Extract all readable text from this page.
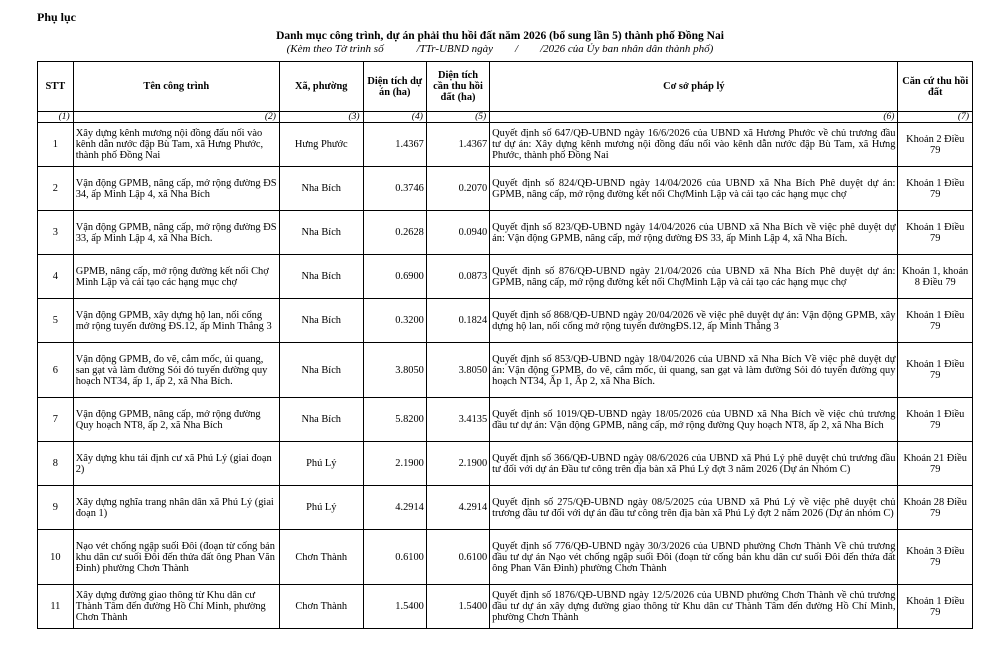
Phụ lục
Danh mục công trình, dự án phải thu hồi đất năm 2026 (bổ sung lần 5) thành phố Đồng Nai
(Kèm theo Tờ trình số            /TTr-UBND ngày        /        /2026 của Ủy ban nhân dân thành phố)
STT	Tên công trình	Xã, phường	Diện tích dự án (ha)	Diện tích cần thu hồi đất (ha)	Cơ sở pháp lý	Căn cứ thu hồi đất
(1)	(2)	(3)	(4)	(5)	(6)	(7)
1	Xây dựng kênh mương nội đồng đấu nối vào kênh dẫn nước đập Bù Tam, xã Hưng Phước, thành phố Đồng Nai	Hưng Phước	1.4367	1.4367	Quyết định số 647/QĐ-UBND ngày 16/6/2026 của UBND xã Hương Phước về chủ trương đầu tư dự án: Xây dựng kênh mương nội đồng đấu nối vào kênh dẫn nước đập Bù Tam, xã Hưng Phước, thành phố Đồng Nai	Khoản 2 Điều 79
2	Vận động GPMB, nâng cấp, mở rộng đường ĐS 34, ấp Minh Lập 4, xã Nha Bích	Nha Bích	0.3746	0.2070	Quyết định số 824/QĐ-UBND ngày 14/04/2026 của UBND xã Nha Bích Phê duyệt dự án: GPMB, nâng cấp, mở rộng đường kết nối ChợMinh Lập và cải tạo các hạng mục chợ	Khoản 1 Điều 79
3	Vận động GPMB, nâng cấp, mở rộng đường ĐS 33, ấp Minh Lập 4, xã Nha Bích.	Nha Bích	0.2628	0.0940	Quyết định số 823/QĐ-UBND ngày 14/04/2026 của UBND xã Nha Bích về việc phê duyệt dự án: Vận động GPMB, nâng cấp, mở rộng đường ĐS 33, ấp Minh Lập 4, xã Nha Bích.	Khoản 1 Điều 79
4	GPMB, nâng cấp, mở rộng đường kết nối Chợ Minh Lập và cải tạo các hạng mục chợ	Nha Bích	0.6900	0.0873	Quyết định số 876/QĐ-UBND ngày 21/04/2026 của UBND xã Nha Bích Phê duyệt dự án: GPMB, nâng cấp, mở rộng đường kết nối ChợMinh Lập và cải tạo các hạng mục chợ	Khoản 1, khoản 8 Điều 79
5	Vận động GPMB, xây dựng hộ lan, nối cống mở rộng tuyến đường ĐS.12, ấp Minh Thắng 3	Nha Bích	0.3200	0.1824	Quyết định số 868/QĐ-UBND ngày 20/04/2026 về việc phê duyệt dự án: Vận động GPMB, xây dựng hộ lan, nối cống mở rộng tuyến đườngĐS.12, ấp Minh Thắng 3	Khoản 1 Điều 79
6	Vận động GPMB, đo vẽ, cắm mốc, ủi quang, san gạt và làm đường Sỏi đỏ tuyến đường quy hoạch NT34, ấp 1, ấp 2, xã Nha Bích.	Nha Bích	3.8050	3.8050	Quyết định số 853/QĐ-UBND ngày 18/04/2026 của UBND xã Nha Bích Về việc phê duyệt dự án: Vận động GPMB, đo vẽ, cắm mốc, ủi quang, san gạt và làm đường Sỏi đỏ tuyến đường quy hoạch NT34, Ấp 1, Ấp 2, xã Nha Bích.	Khoản 1 Điều 79
7	Vận động GPMB, nâng cấp, mở rộng đường Quy hoạch NT8, ấp 2, xã Nha Bích	Nha Bích	5.8200	3.4135	Quyết định số 1019/QĐ-UBND ngày 18/05/2026 của UBND xã Nha Bích về việc chủ trương đầu tư dự án: Vận động GPMB, nâng cấp, mở rộng đường Quy hoạch NT8, ấp 2, xã Nha Bích	Khoản 1 Điều 79
8	Xây dựng khu tái định cư xã Phú Lý (giai đoạn 2)	Phú Lý	2.1900	2.1900	Quyết định số 366/QĐ-UBND ngày 08/6/2026 của UBND xã Phú Lý phê duyệt chủ trương đầu tư đối với dự án Đầu tư công trên địa bàn xã Phú Lý đợt 3 năm 2026 (Dự án Nhóm C)	Khoản 21 Điều 79
9	Xây dựng nghĩa trang nhân dân xã Phú Lý (giai đoạn 1)	Phú Lý	4.2914	4.2914	Quyết định số 275/QĐ-UBND ngày 08/5/2025 của UBND xã Phú Lý về việc phê duyệt chủ trương đầu tư đối với dự án đầu tư công trên địa bàn xã Phú Lý đợt 2 năm 2026 (Dự án nhóm C)	Khoản 28 Điều 79
10	Nạo vét chống ngập suối Đôi (đoạn từ cống bản khu dân cư suối Đôi đến thửa đất ông Phan Văn Đinh) phường Chơn Thành	Chơn Thành	0.6100	0.6100	Quyết định số 776/QĐ-UBND ngày 30/3/2026 của UBND phường Chơn Thành Về chủ trương đầu tư dự án Nạo vét chống ngập suối Đôi (đoạn từ cống bản khu dân cư suối Đôi đến thửa đất ông Phan Văn Đinh) phường Chơn Thành	Khoản 3 Điều 79
11	Xây dựng đường giao thông từ Khu dân cư Thành Tâm đến đường Hồ Chí Minh, phường Chơn Thành	Chơn Thành	1.5400	1.5400	Quyết định số 1876/QĐ-UBND ngày 12/5/2026 của UBND phường Chơn Thành về chủ trương đầu tư dự án xây dựng đường giao thông từ Khu dân cư Thành Tâm đến đường Hồ Chí Minh, phường Chơn Thành	Khoản 1 Điều 79
